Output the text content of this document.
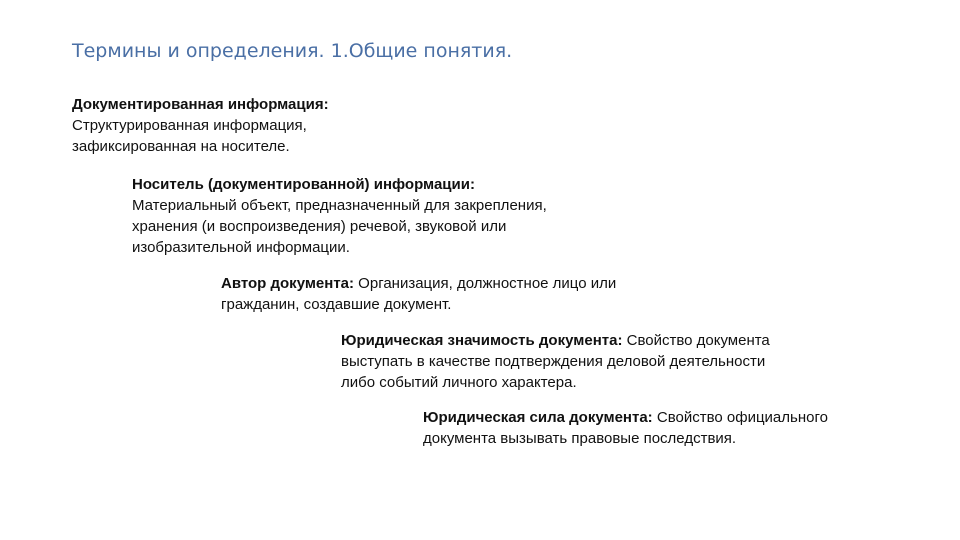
Термины и определения. 1.Общие понятия.
Документированная информация:
Структурированная информация,
зафиксированная на носителе.
Носитель (документированной) информации:
Материальный объект, предназначенный для закрепления,
хранения (и воспроизведения) речевой, звуковой или
изобразительной информации.
Автор документа: Организация, должностное лицо или
гражданин, создавшие документ.
Юридическая значимость документа: Свойство документа
выступать в качестве подтверждения деловой деятельности
либо событий личного характера.
Юридическая сила документа: Свойство официального
документа вызывать правовые последствия.
